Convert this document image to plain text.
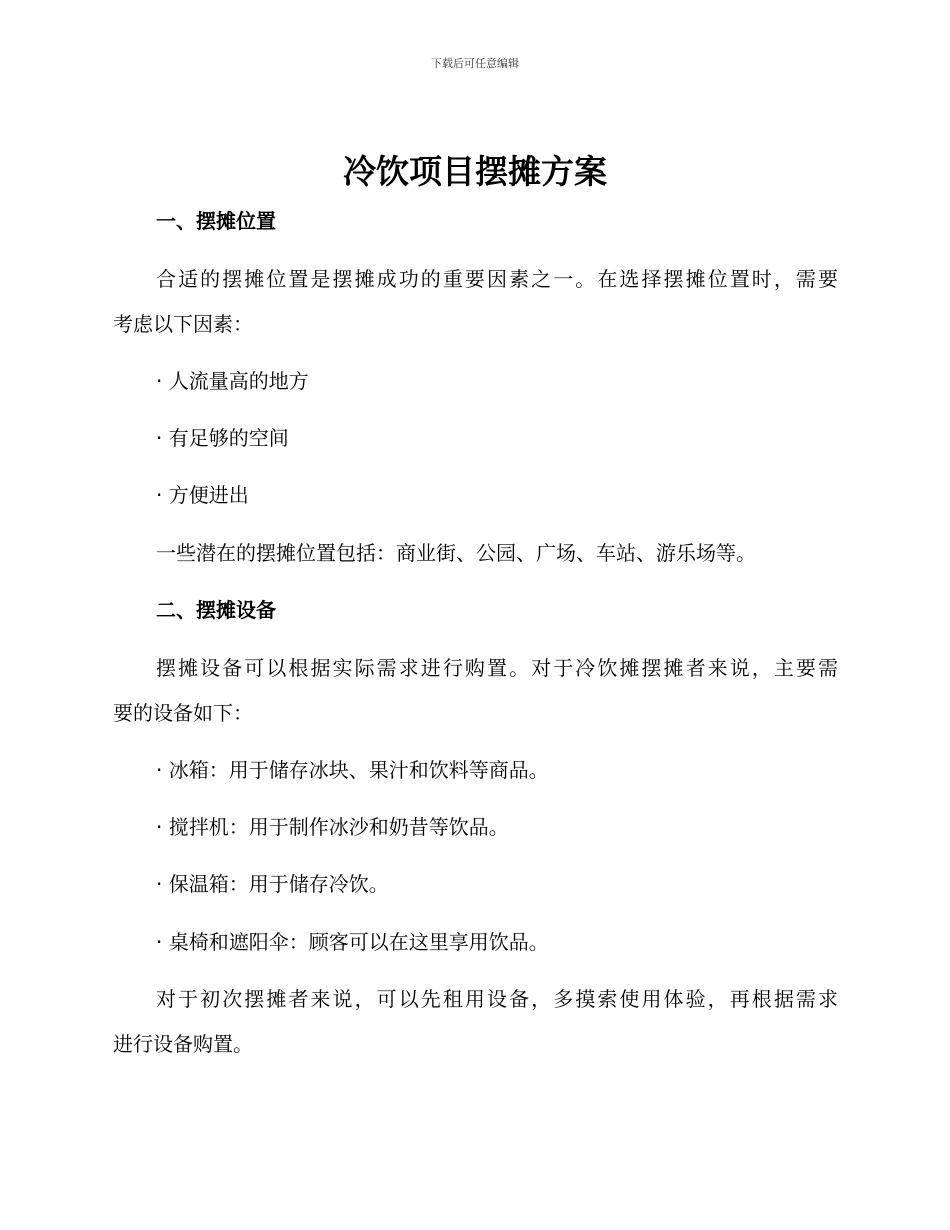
下载后可任意编辑
冷饮项目摆摊方案

一、摆摊位置

合适的摆摊位置是摆摊成功的重要因素之一。在选择摆摊位置时，需要

考虑以下因素：

· 人流量高的地方

· 有足够的空间

· 方便进出

一些潜在的摆摊位置包括：商业街、公园、广场、车站、游乐场等。

二、摆摊设备

摆摊设备可以根据实际需求进行购置。对于冷饮摊摆摊者来说，主要需

要的设备如下：

· 冰箱：用于储存冰块、果汁和饮料等商品。

· 搅拌机：用于制作冰沙和奶昔等饮品。

· 保温箱：用于储存冷饮。

· 桌椅和遮阳伞：顾客可以在这里享用饮品。

对于初次摆摊者来说，可以先租用设备，多摸索使用体验，再根据需求

进行设备购置。
